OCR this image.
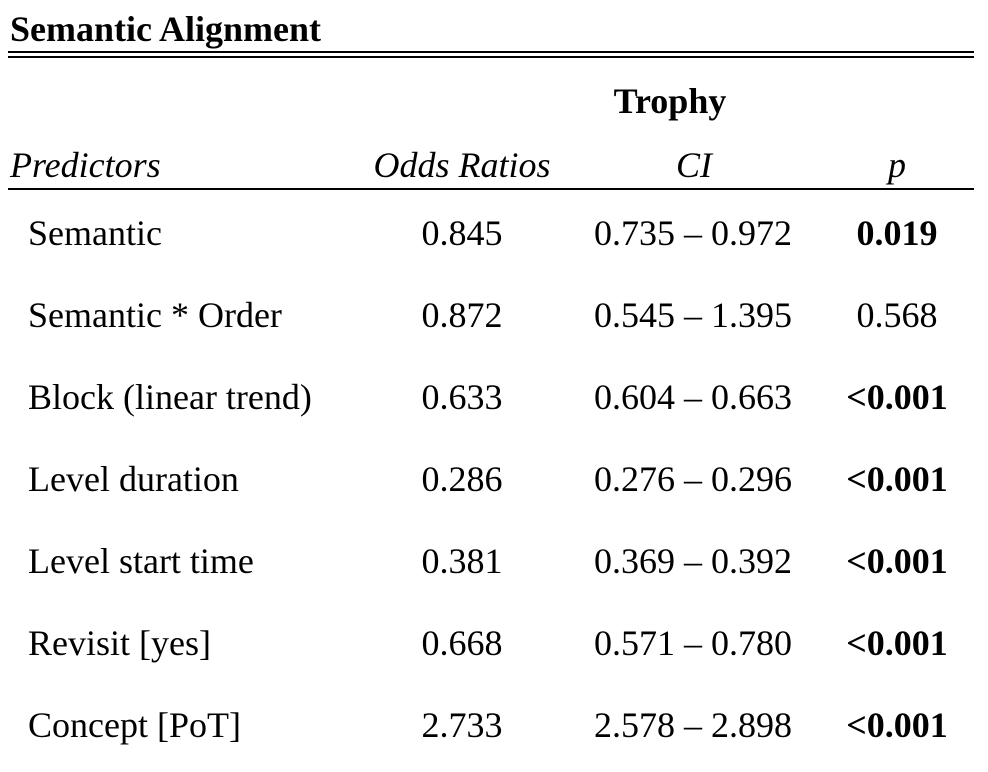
Semantic Alignment
Trophy
Predictors	Odds Ratios	CI	p
Semantic	0.845	0.735 – 0.972	0.019
Semantic * Order	0.872	0.545 – 1.395	0.568
Block (linear trend)	0.633	0.604 – 0.663	<0.001
Level duration	0.286	0.276 – 0.296	<0.001
Level start time	0.381	0.369 – 0.392	<0.001
Revisit [yes]	0.668	0.571 – 0.780	<0.001
Concept [PoT]	2.733	2.578 – 2.898	<0.001
